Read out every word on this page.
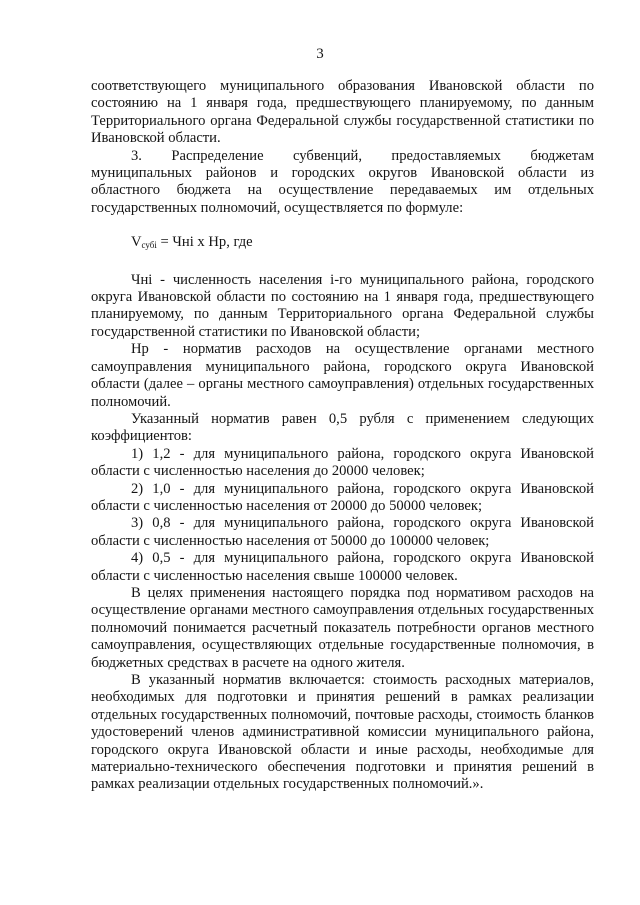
3

соответствующего муниципального образования Ивановской области по состоянию на 1 января года, предшествующего планируемому, по данным Территориального органа Федеральной службы государственной статистики по Ивановской области.

3. Распределение субвенций, предоставляемых бюджетам муниципальных районов и городских округов Ивановской области из областного бюджета на осуществление передаваемых им отдельных государственных полномочий, осуществляется по формуле:

$V_{субi}$ = Чнi х Нр, где

Чнi - численность населения i-го муниципального района, городского округа Ивановской области по состоянию на 1 января года, предшествующего планируемому, по данным Территориального органа Федеральной службы государственной статистики по Ивановской области;

Нр - норматив расходов на осуществление органами местного самоуправления муниципального района, городского округа Ивановской области (далее – органы местного самоуправления) отдельных государственных полномочий.

Указанный норматив равен 0,5 рубля с применением следующих коэффициентов:

1) 1,2 - для муниципального района, городского округа Ивановской области с численностью населения до 20000 человек;

2) 1,0 - для муниципального района, городского округа Ивановской области с численностью населения от 20000 до 50000 человек;

3) 0,8 - для муниципального района, городского округа Ивановской области с численностью населения от 50000 до 100000 человек;

4) 0,5 - для муниципального района, городского округа Ивановской области с численностью населения свыше 100000 человек.

В целях применения настоящего порядка под нормативом расходов на осуществление органами местного самоуправления отдельных государственных полномочий понимается расчетный показатель потребности органов местного самоуправления, осуществляющих отдельные государственные полномочия, в бюджетных средствах в расчете на одного жителя.

В указанный норматив включается: стоимость расходных материалов, необходимых для подготовки и принятия решений в рамках реализации отдельных государственных полномочий, почтовые расходы, стоимость бланков удостоверений членов административной комиссии муниципального района, городского округа Ивановской области и иные расходы, необходимые для материально-технического обеспечения подготовки и принятия решений в рамках реализации отдельных государственных полномочий.».
